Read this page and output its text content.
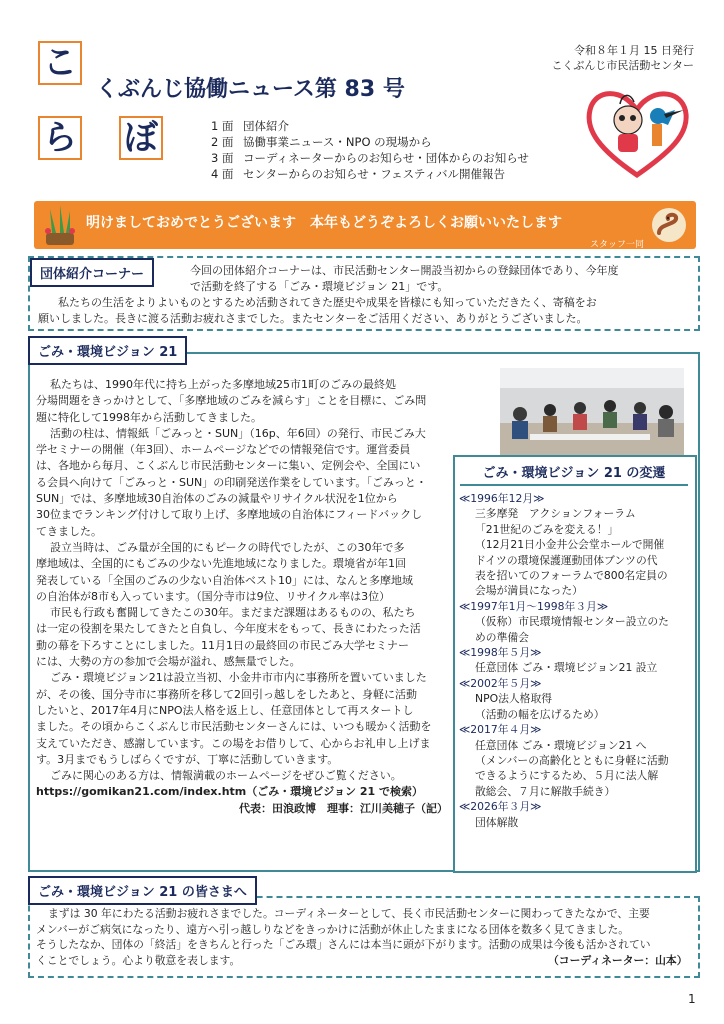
こ
ら ぼ
くぶんじ協働ニュース第 83 号
令和８年１月 15 日発行
こくぶんじ市民活動センター
1 面 団体紹介
2 面 協働事業ニュース・NPO の現場から
3 面 コーディネーターからのお知らせ・団体からのお知らせ
4 面 センターからのお知らせ・フェスティバル開催報告
明けましておめでとうございます　本年もどうぞよろしくお願いいたします
スタッフ一同
団体紹介コーナー	今回の団体紹介コーナーは、市民活動センター開設当初からの登録団体であり、今年度
で活動を終了する「ごみ・環境ビジョン 21」です。
私たちの生活をよりよいものとするため活動されてきた歴史や成果を皆様にも知っていただきたく、寄稿をお
願いしました。長きに渡る活動お疲れさまでした。またセンターをご活用ください、ありがとうございました。
ごみ・環境ビジョン 21
私たちは、1990年代に持ち上がった多摩地域25市1町のごみの最終処
分場問題をきっかけとして、「多摩地域のごみを減らす」ことを目標に、ごみ問
題に特化して1998年から活動してきました。
活動の柱は、情報紙「ごみっと・SUN」（16p、年6回）の発行、市民ごみ大
学セミナーの開催（年3回）、ホームページなどでの情報発信です。運営委員
は、各地から毎月、こくぶんじ市民活動センターに集い、定例会や、全国にい
る会員へ向けて「ごみっと・SUN」の印刷発送作業をしています。「ごみっと・
SUN」では、多摩地域30自治体のごみの減量やリサイクル状況を1位から
30位までランキング付けして取り上げ、多摩地域の自治体にフィードバックし
てきました。
設立当時は、ごみ量が全国的にもピークの時代でしたが、この30年で多
摩地域は、全国的にもごみの少ない先進地域になりました。環境省が年1回
発表している「全国のごみの少ない自治体ベスト10」には、なんと多摩地域
の自治体が8市も入っています。（国分寺市は9位、リサイクル率は3位）
市民も行政も奮闘してきたこの30年。まだまだ課題はあるものの、私たち
は一定の役割を果たしてきたと自負し、今年度末をもって、長きにわたった活
動の幕を下ろすことにしました。11月1日の最終回の市民ごみ大学セミナー
には、大勢の方の参加で会場が溢れ、感無量でした。
ごみ・環境ビジョン21は設立当初、小金井市市内に事務所を置いていました
が、その後、国分寺市に事務所を移して2回引っ越しをしたあと、身軽に活動
したいと、2017年4月にNPO法人格を返上し、任意団体として再スタートし
ました。その頃からこくぶんじ市民活動センターさんには、いつも暖かく活動を
支えていただき、感謝しています。この場をお借りして、心からお礼申し上げま
す。3月までもうしばらくですが、丁寧に活動していきます。
ごみに関心のある方は、情報満載のホームページをぜひご覧ください。
https://gomikan21.com/index.htm（ごみ・環境ビジョン 21 で検索）
代表：田浪政博　理事：江川美穂子（記）
ごみ・環境ビジョン 21 の変遷
≪1996年12月≫
三多摩発　アクションフォーラム
「21世紀のごみを変える！」
（12月21日小金井公会堂ホールで開催
ドイツの環境保護運動団体ブンツの代
表を招いてのフォーラムで800名定員の
会場が満員になった）
≪1997年1月～1998年３月≫
（仮称）市民環境情報センター設立のた
めの準備会
≪1998年５月≫
任意団体 ごみ・環境ビジョン21 設立
≪2002年５月≫
NPO法人格取得
（活動の幅を広げるため）
≪2017年４月≫
任意団体 ごみ・環境ビジョン21 へ
（メンバーの高齢化とともに身軽に活動
できるようにするため、５月に法人解
散総会、７月に解散手続き）
≪2026年３月≫
団体解散
ごみ・環境ビジョン 21 の皆さまへ
まずは 30 年にわたる活動お疲れさまでした。コーディネーターとして、長く市民活動センターに関わってきたなかで、主要
メンバーがご病気になったり、遠方へ引っ越しりなどをきっかけに活動が休止したままになる団体を数多く見てきました。
そうしたなか、団体の「終活」をきちんと行った「ごみ環」さんには本当に頭が下がります。活動の成果は今後も活かされてい
くことでしょう。心より敬意を表します。	（コーディネーター：山本）
1
